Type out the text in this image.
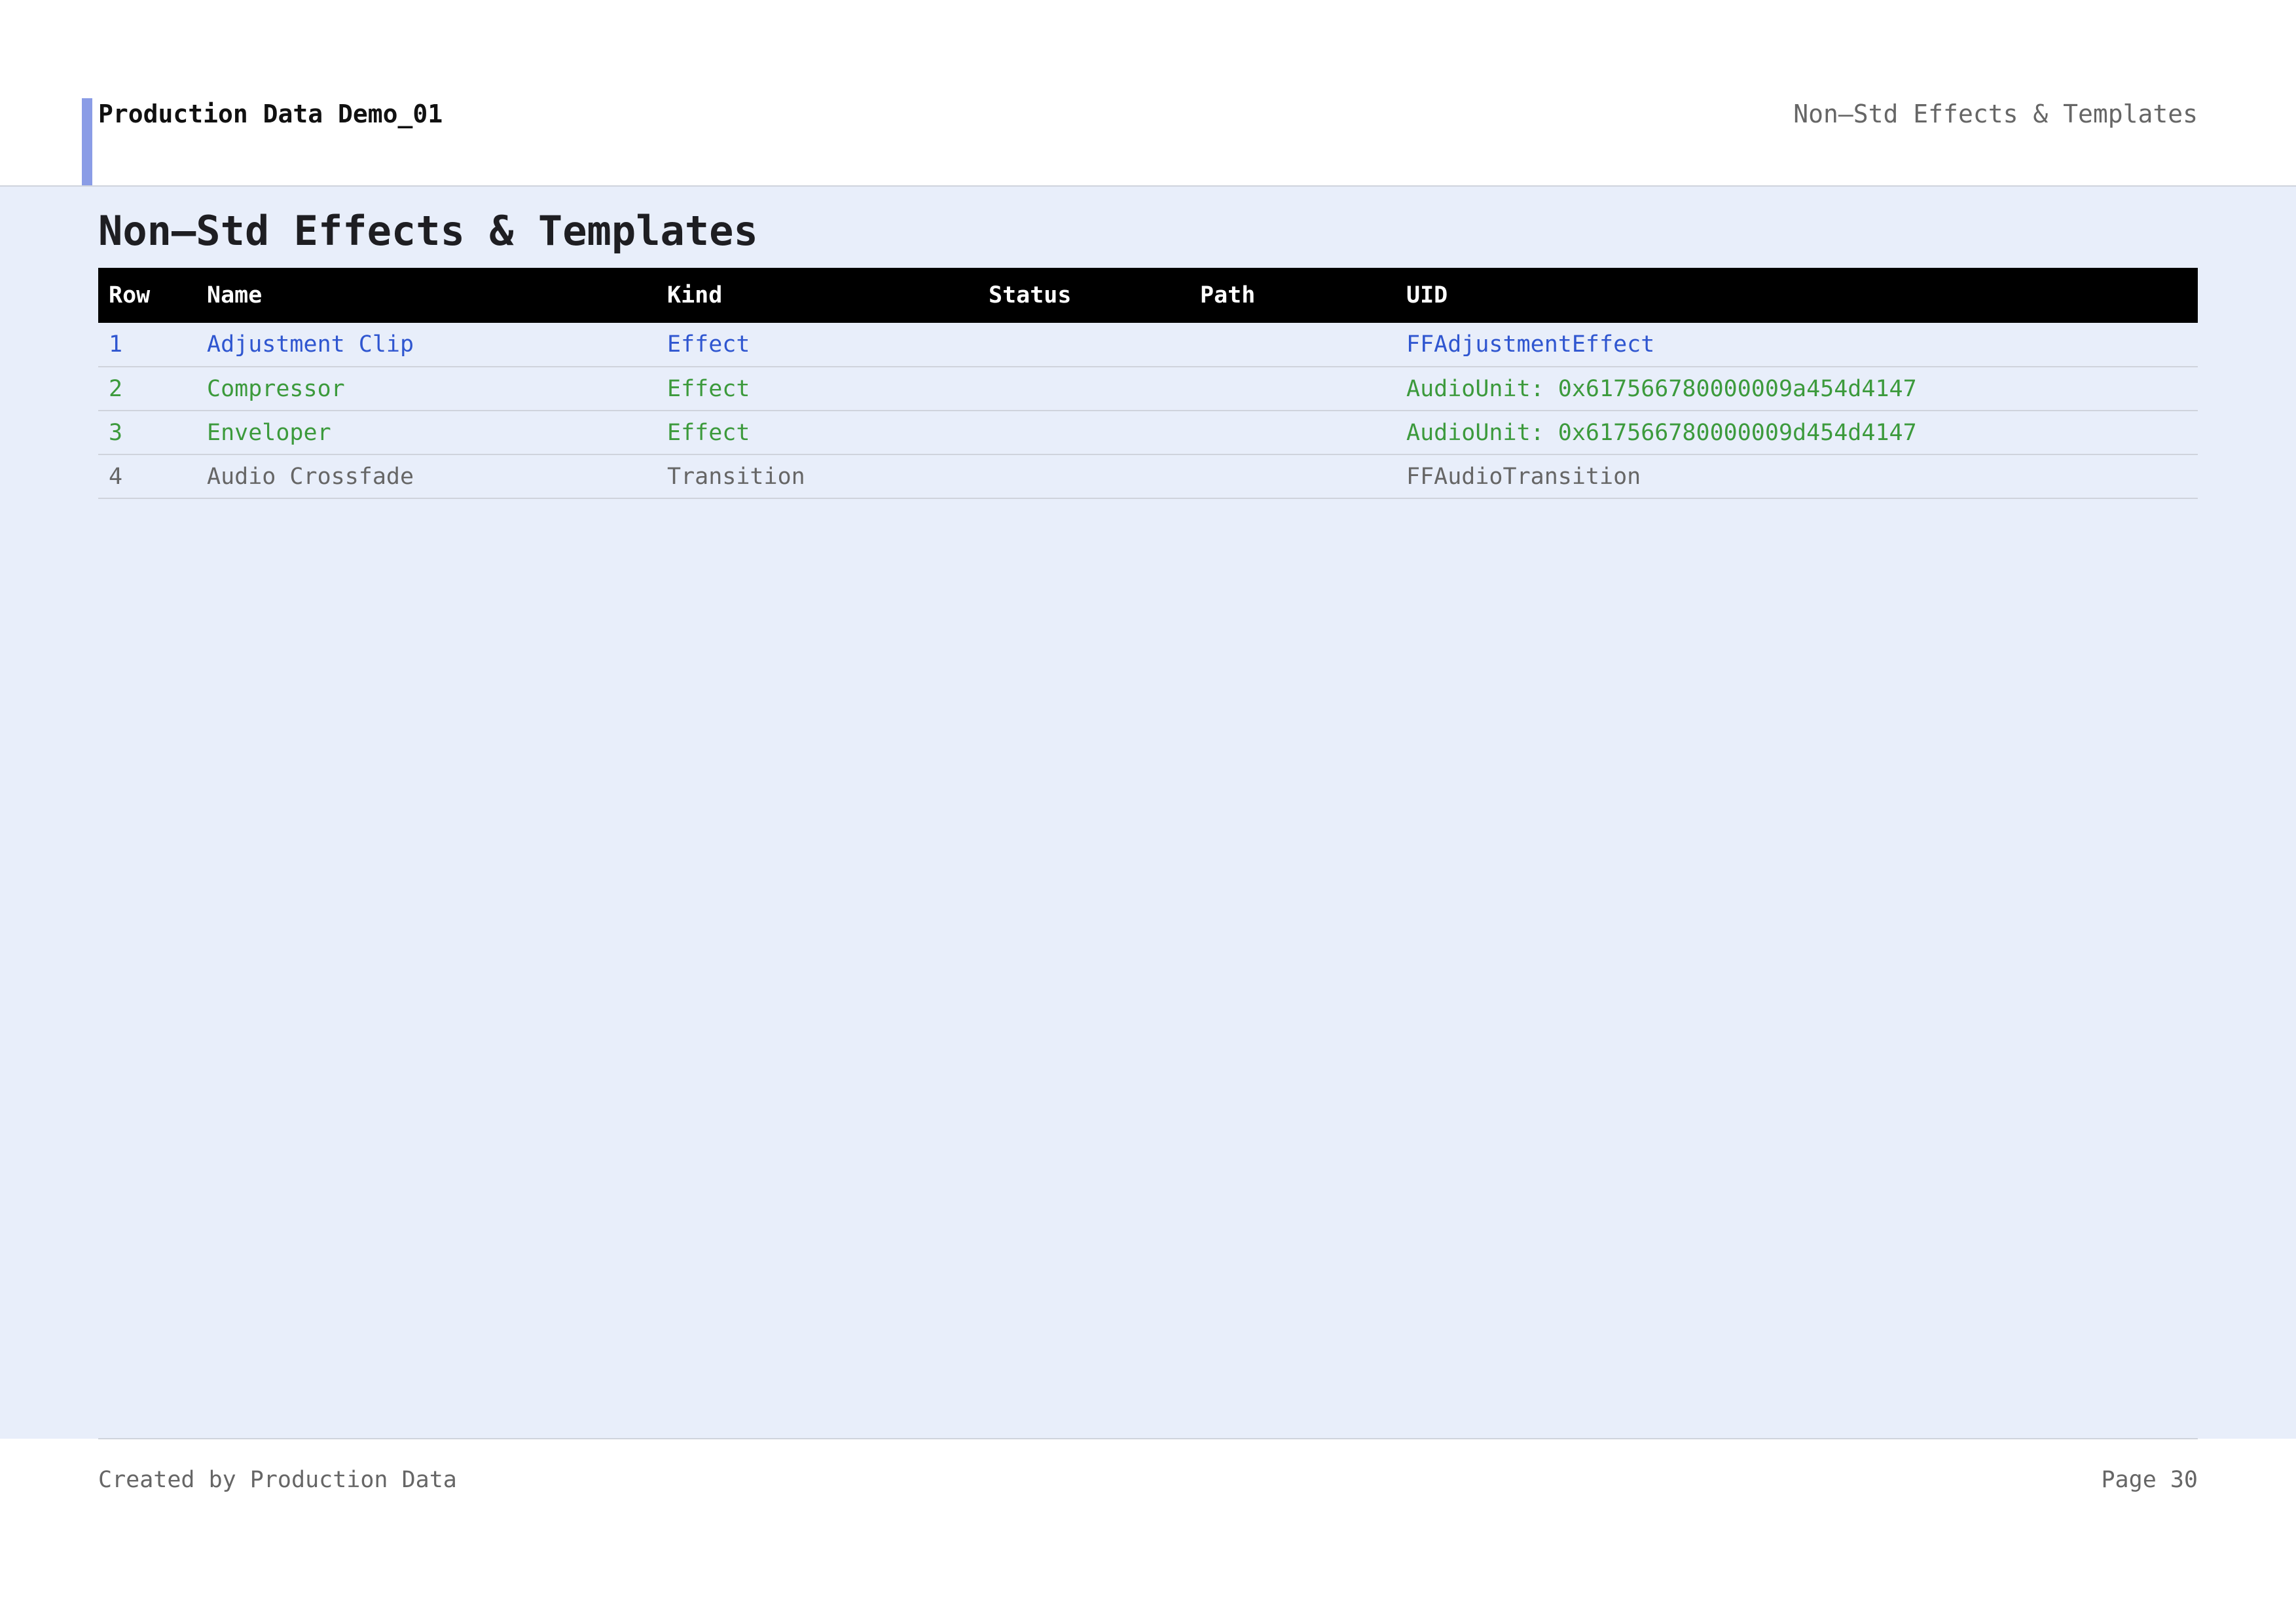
Production Data Demo_01	Non—Std Effects & Templates
Non—Std Effects & Templates
Row	Name	Kind	Status	Path	UID
1	Adjustment Clip	Effect			FFAdjustmentEffect
2	Compressor	Effect			AudioUnit: 0x617566780000009a454d4147
3	Enveloper	Effect			AudioUnit: 0x617566780000009d454d4147
4	Audio Crossfade	Transition			FFAudioTransition
Created by Production Data	Page 30
